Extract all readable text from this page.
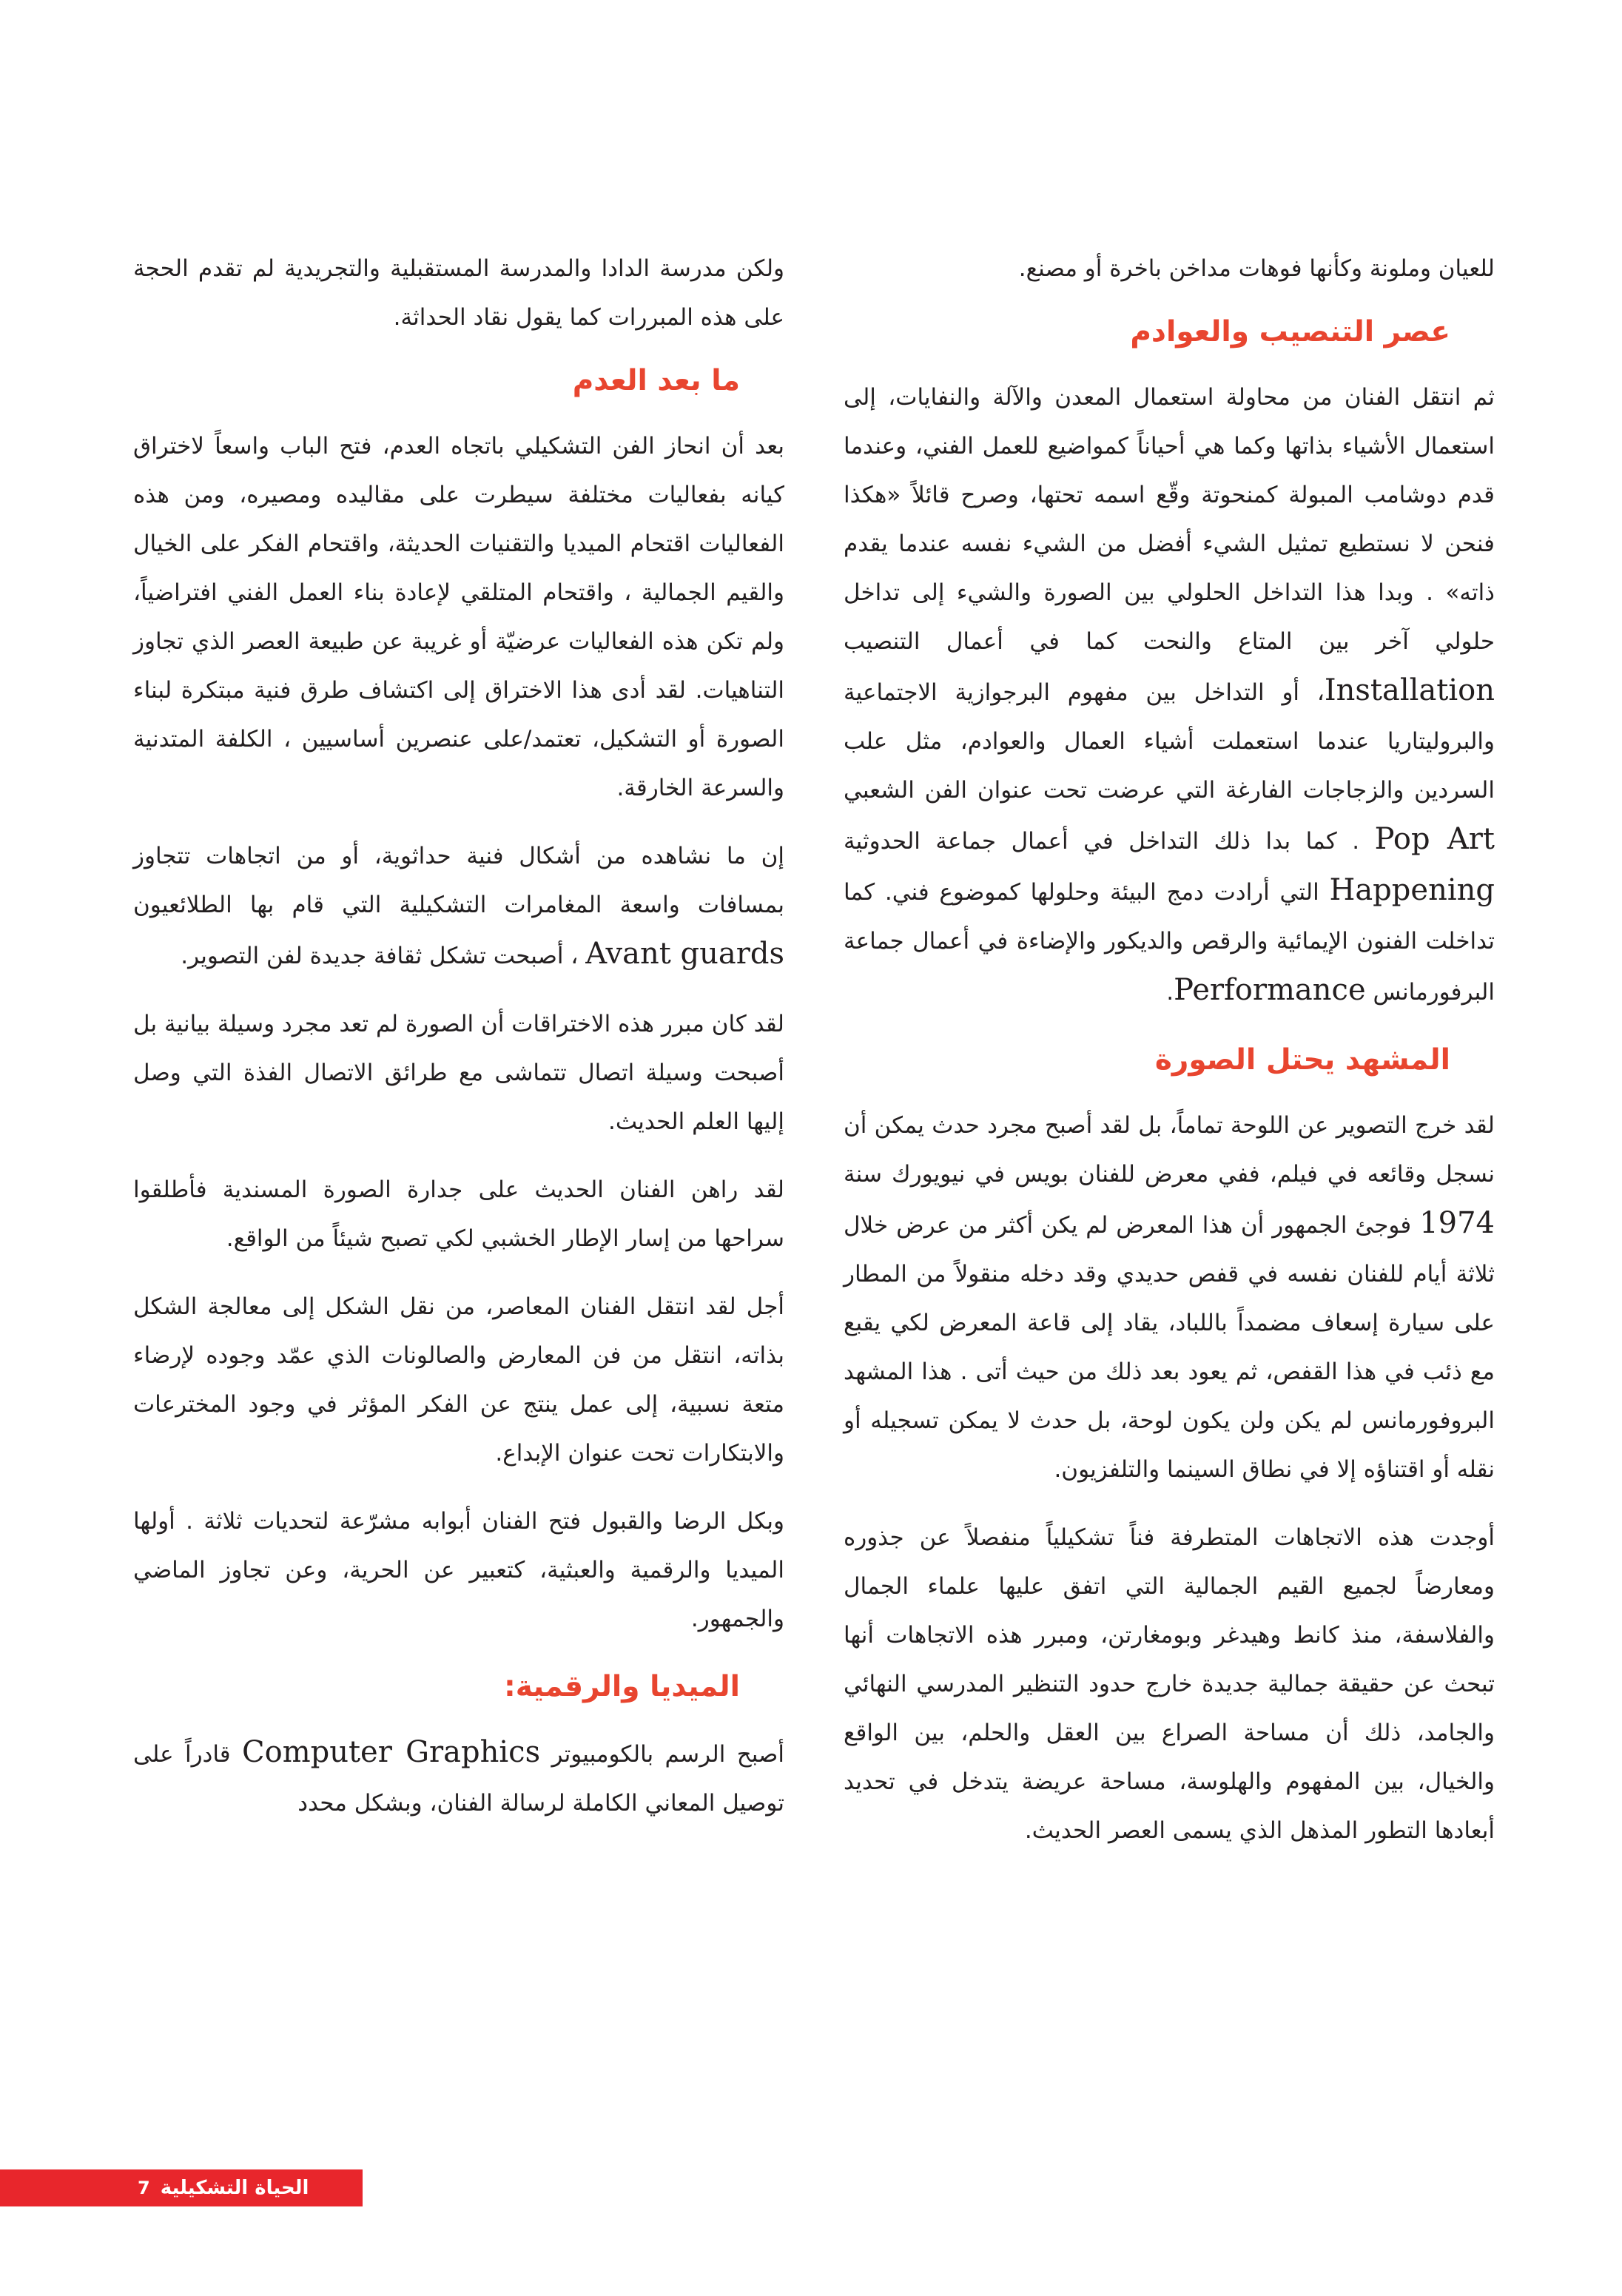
للعيان وملونة وكأنها فوهات مداخن باخرة أو مصنع.

عصر التنصيب والعوادم

ثم انتقل الفنان من محاولة استعمال المعدن والآلة والنفايات، إلى استعمال الأشياء بذاتها وكما هي أحياناً كمواضيع للعمل الفني، وعندما قدم دوشامب المبولة كمنحوتة وقّع اسمه تحتها، وصرح قائلاً «هكذا فنحن لا نستطيع تمثيل الشيء أفضل من الشيء نفسه عندما يقدم ذاته» . وبدا هذا التداخل الحلولي بين الصورة والشيء إلى تداخل حلولي آخر بين المتاع والنحت كما في أعمال التنصيب Installation، أو التداخل بين مفهوم البرجوازية الاجتماعية والبروليتاريا عندما استعملت أشياء العمال والعوادم، مثل علب السردين والزجاجات الفارغة التي عرضت تحت عنوان الفن الشعبي Pop Art . كما بدا ذلك التداخل في أعمال جماعة الحدوثية Happening التي أرادت دمج البيئة وحلولها كموضوع فني. كما تداخلت الفنون الإيمائية والرقص والديكور والإضاءة في أعمال جماعة البرفورمانس Performance.

المشهد يحتل الصورة

لقد خرج التصوير عن اللوحة تماماً، بل لقد أصبح مجرد حدث يمكن أن نسجل وقائعه في فيلم، ففي معرض للفنان بويس في نيويورك سنة 1974 فوجئ الجمهور أن هذا المعرض لم يكن أكثر من عرض خلال ثلاثة أيام للفنان نفسه في قفص حديدي وقد دخله منقولاً من المطار على سيارة إسعاف مضمداً باللباد، يقاد إلى قاعة المعرض لكي يقبع مع ذئب في هذا القفص، ثم يعود بعد ذلك من حيث أتى . هذا المشهد البروفورمانس لم يكن ولن يكون لوحة، بل حدث لا يمكن تسجيله أو نقله أو اقتناؤه إلا في نطاق السينما والتلفزيون.

أوجدت هذه الاتجاهات المتطرفة فناً تشكيلياً منفصلاً عن جذوره ومعارضاً لجميع القيم الجمالية التي اتفق عليها علماء الجمال والفلاسفة، منذ كانط وهيدغر وبومغارتن، ومبرر هذه الاتجاهات أنها تبحث عن حقيقة جمالية جديدة خارج حدود التنظير المدرسي النهائي والجامد، ذلك أن مساحة الصراع بين العقل والحلم، بين الواقع والخيال، بين المفهوم والهلوسة، مساحة عريضة يتدخل في تحديد أبعادها التطور المذهل الذي يسمى العصر الحديث.

ولكن مدرسة الدادا والمدرسة المستقبلية والتجريدية لم تقدم الحجة على هذه المبررات كما يقول نقاد الحداثة.

ما بعد العدم

بعد أن انحاز الفن التشكيلي باتجاه العدم، فتح الباب واسعاً لاختراق كيانه بفعاليات مختلفة سيطرت على مقاليده ومصيره، ومن هذه الفعاليات اقتحام الميديا والتقنيات الحديثة، واقتحام الفكر على الخيال والقيم الجمالية ، واقتحام المتلقي لإعادة بناء العمل الفني افتراضياً، ولم تكن هذه الفعاليات عرضيّة أو غريبة عن طبيعة العصر الذي تجاوز التناهيات. لقد أدى هذا الاختراق إلى اكتشاف طرق فنية مبتكرة لبناء الصورة أو التشكيل، تعتمد/على عنصرين أساسيين ، الكلفة المتدنية والسرعة الخارقة.

إن ما نشاهده من أشكال فنية حداثوية، أو من اتجاهات تتجاوز بمسافات واسعة المغامرات التشكيلية التي قام بها الطلائعيون Avant guards ، أصبحت تشكل ثقافة جديدة لفن التصوير.

لقد كان مبرر هذه الاختراقات أن الصورة لم تعد مجرد وسيلة بيانية بل أصبحت وسيلة اتصال تتماشى مع طرائق الاتصال الفذة التي وصل إليها العلم الحديث.

لقد راهن الفنان الحديث على جدارة الصورة المسندية فأطلقوا سراحها من إسار الإطار الخشبي لكي تصبح شيئاً من الواقع.

أجل لقد انتقل الفنان المعاصر، من نقل الشكل إلى معالجة الشكل بذاته، انتقل من فن المعارض والصالونات الذي عمّد وجوده لإرضاء متعة نسبية، إلى عمل ينتج عن الفكر المؤثر في وجود المخترعات والابتكارات تحت عنوان الإبداع.

وبكل الرضا والقبول فتح الفنان أبوابه مشرّعة لتحديات ثلاثة . أولها الميديا والرقمية والعبثية، كتعبير عن الحرية، وعن تجاوز الماضي والجمهور.

الميديا والرقمية:

أصبح الرسم بالكومبيوتر Computer Graphics قادراً على توصيل المعاني الكاملة لرسالة الفنان، وبشكل محدد

7 الحياة التشكيلية
